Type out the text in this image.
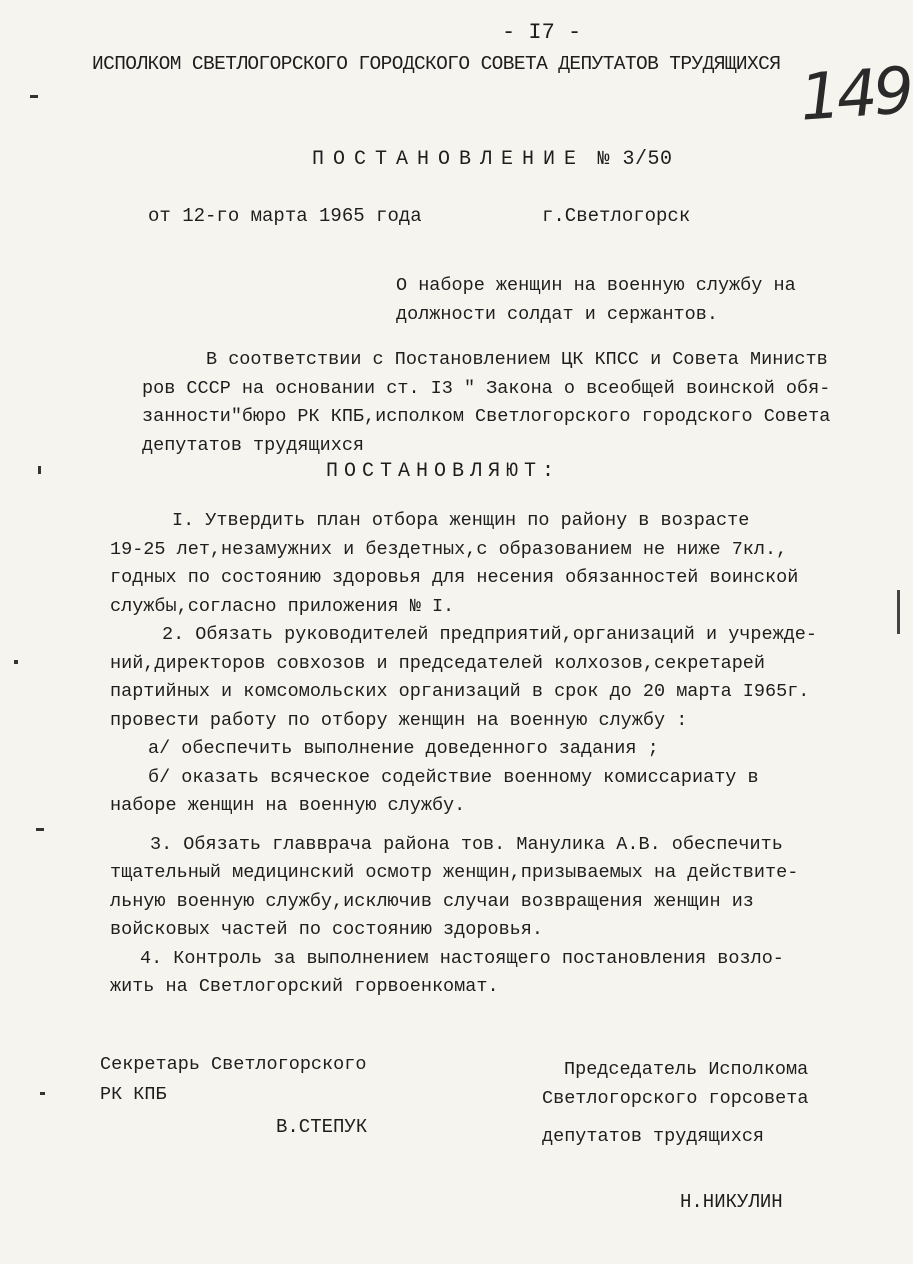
- I7 -
ИСПОЛКОМ СВЕТЛОГОРСКОГО ГОРОДСКОГО СОВЕТА ДЕПУТАТОВ ТРУДЯЩИХСЯ 149
ПОСТАНОВЛЕНИЕ № 3/50
от 12-го марта 1965 года	г.Светлогорск
О наборе женщин на военную службу на
должности солдат и сержантов.
В соответствии с Постановлением ЦК КПСС и Совета Министв
ров СССР на основании ст. I3 " Закона о всеобщей воинской обя-
занности"бюро РК КПБ,исполком Светлогорского городского Совета
депутатов трудящихся
ПОСТАНОВЛЯЮТ:
I. Утвердить план отбора женщин по району в возрасте
19-25 лет,незамужних и бездетных,с образованием не ниже 7кл.,
годных по состоянию здоровья для несения обязанностей воинской
службы,согласно приложения № I.
2. Обязать руководителей предприятий,организаций и учрежде-
ний,директоров совхозов и председателей колхозов,секретарей
партийных и комсомольских организаций в срок до 20 марта I965г.
провести работу по отбору женщин на военную службу :
а/ обеспечить выполнение доведенного задания ;
б/ оказать всяческое содействие военному комиссариату в
наборе женщин на военную службу.
3. Обязать главврача района тов. Манулика А.В. обеспечить
тщательный медицинский осмотр женщин,призываемых на действите-
льную военную службу,исключив случаи возвращения женщин из
войсковых частей по состоянию здоровья.
4. Контроль за выполнением настоящего постановления возло-
жить на Светлогорский горвоенкомат.
Секретарь Светлогорского
РК КПБ
В.СТЕПУК
Председатель Исполкома
Светлогорского горсовета
депутатов трудящихся
Н.НИКУЛИН
